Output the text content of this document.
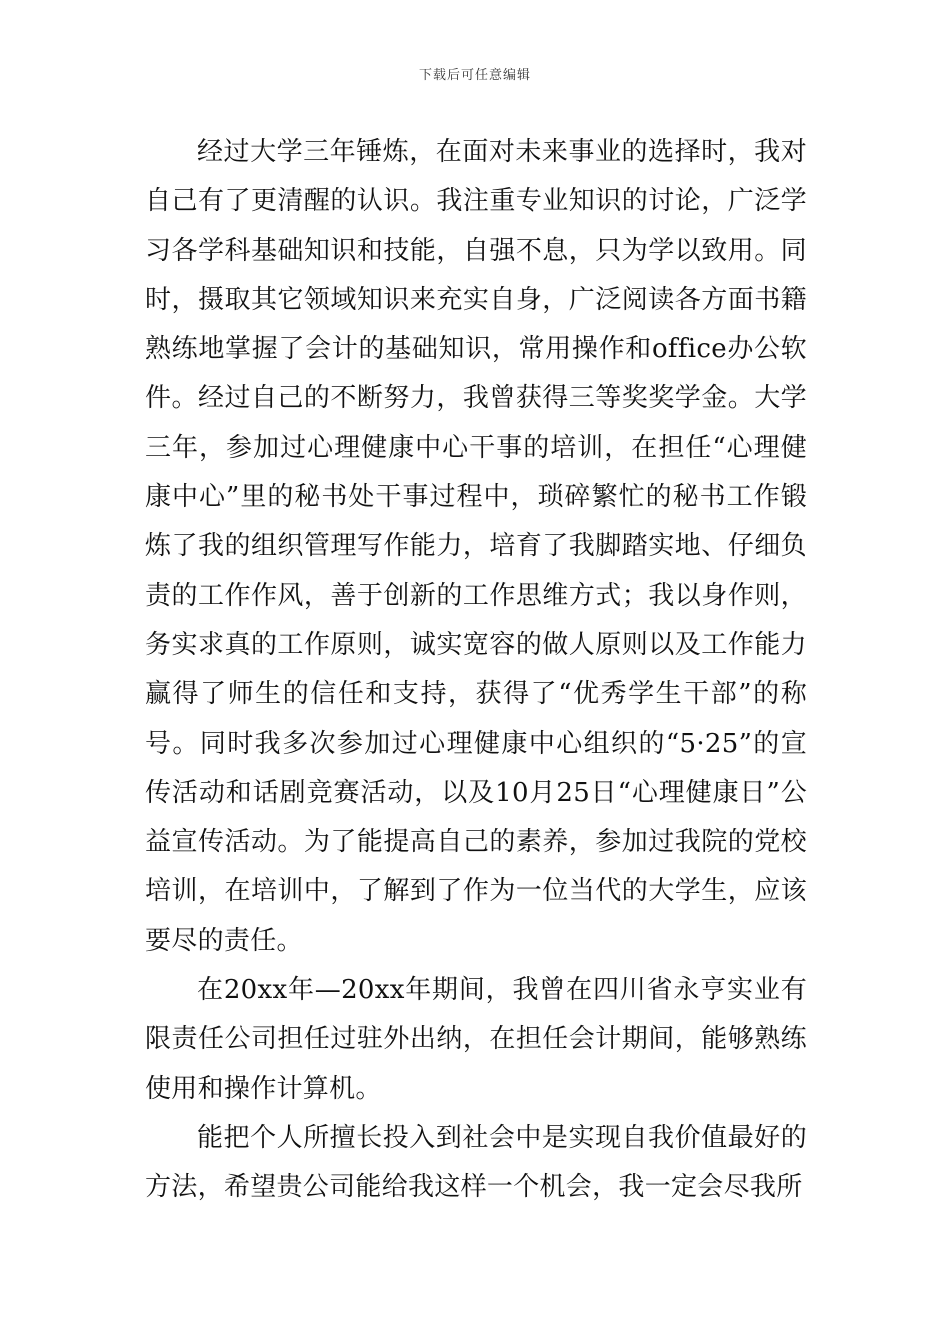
下载后可任意编辑

经过大学三年锤炼，在面对未来事业的选择时，我对自己有了更清醒的认识。我注重专业知识的讨论，广泛学习各学科基础知识和技能，自强不息，只为学以致用。同时，摄取其它领域知识来充实自身，广泛阅读各方面书籍熟练地掌握了会计的基础知识，常用操作和office办公软件。经过自己的不断努力，我曾获得三等奖奖学金。大学三年，参加过心理健康中心干事的培训，在担任“心理健康中心”里的秘书处干事过程中，琐碎繁忙的秘书工作锻炼了我的组织管理写作能力，培育了我脚踏实地、仔细负责的工作作风，善于创新的工作思维方式；我以身作则，务实求真的工作原则，诚实宽容的做人原则以及工作能力赢得了师生的信任和支持，获得了“优秀学生干部”的称号。同时我多次参加过心理健康中心组织的“5·25”的宣传活动和话剧竞赛活动，以及10月25日“心理健康日”公益宣传活动。为了能提高自己的素养，参加过我院的党校培训，在培训中，了解到了作为一位当代的大学生，应该要尽的责任。

在20xx年—20xx年期间，我曾在四川省永亨实业有限责任公司担任过驻外出纳，在担任会计期间，能够熟练使用和操作计算机。

能把个人所擅长投入到社会中是实现自我价值最好的方法，希望贵公司能给我这样一个机会，我一定会尽我所
